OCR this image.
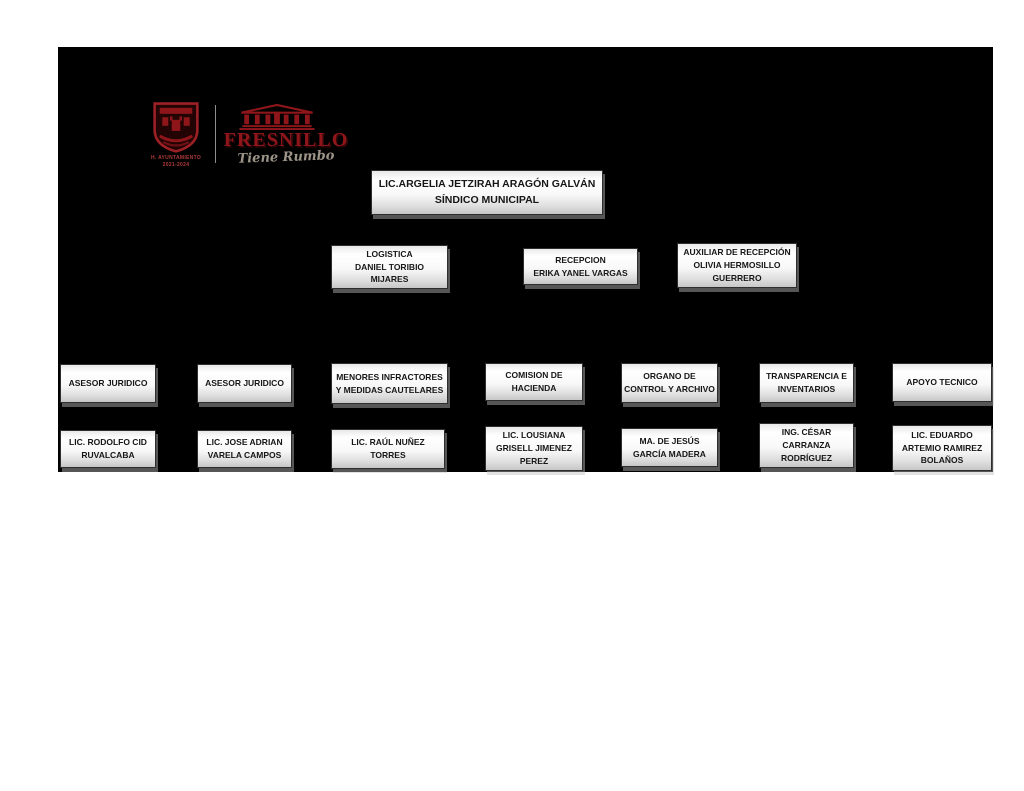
H. AYUNTAMIENTO
2021-2024
FRESNILLO
Tiene Rumbo
LIC.ARGELIA JETZIRAH ARAGÓN GALVÁN
SÍNDICO MUNICIPAL
LOGISTICA
DANIEL TORIBIO
MIJARES
RECEPCION
ERIKA YANEL VARGAS
AUXILIAR DE RECEPCIÓN
OLIVIA HERMOSILLO
GUERRERO
ASESOR JURIDICO	ASESOR JURIDICO
MENORES INFRACTORES
Y MEDIDAS CAUTELARES
COMISION DE
HACIENDA
ORGANO DE
CONTROL Y ARCHIVO
TRANSPARENCIA E
INVENTARIOS
APOYO TECNICO
LIC. RODOLFO CID
RUVALCABA
LIC. JOSE ADRIAN
VARELA CAMPOS
LIC. RAÚL NUÑEZ
TORRES
LIC. LOUSIANA
GRISELL JIMENEZ
PEREZ
MA. DE JESÚS
GARCÍA MADERA
ING. CÉSAR
CARRANZA
RODRÍGUEZ
LIC. EDUARDO
ARTEMIO RAMIREZ
BOLAÑOS
